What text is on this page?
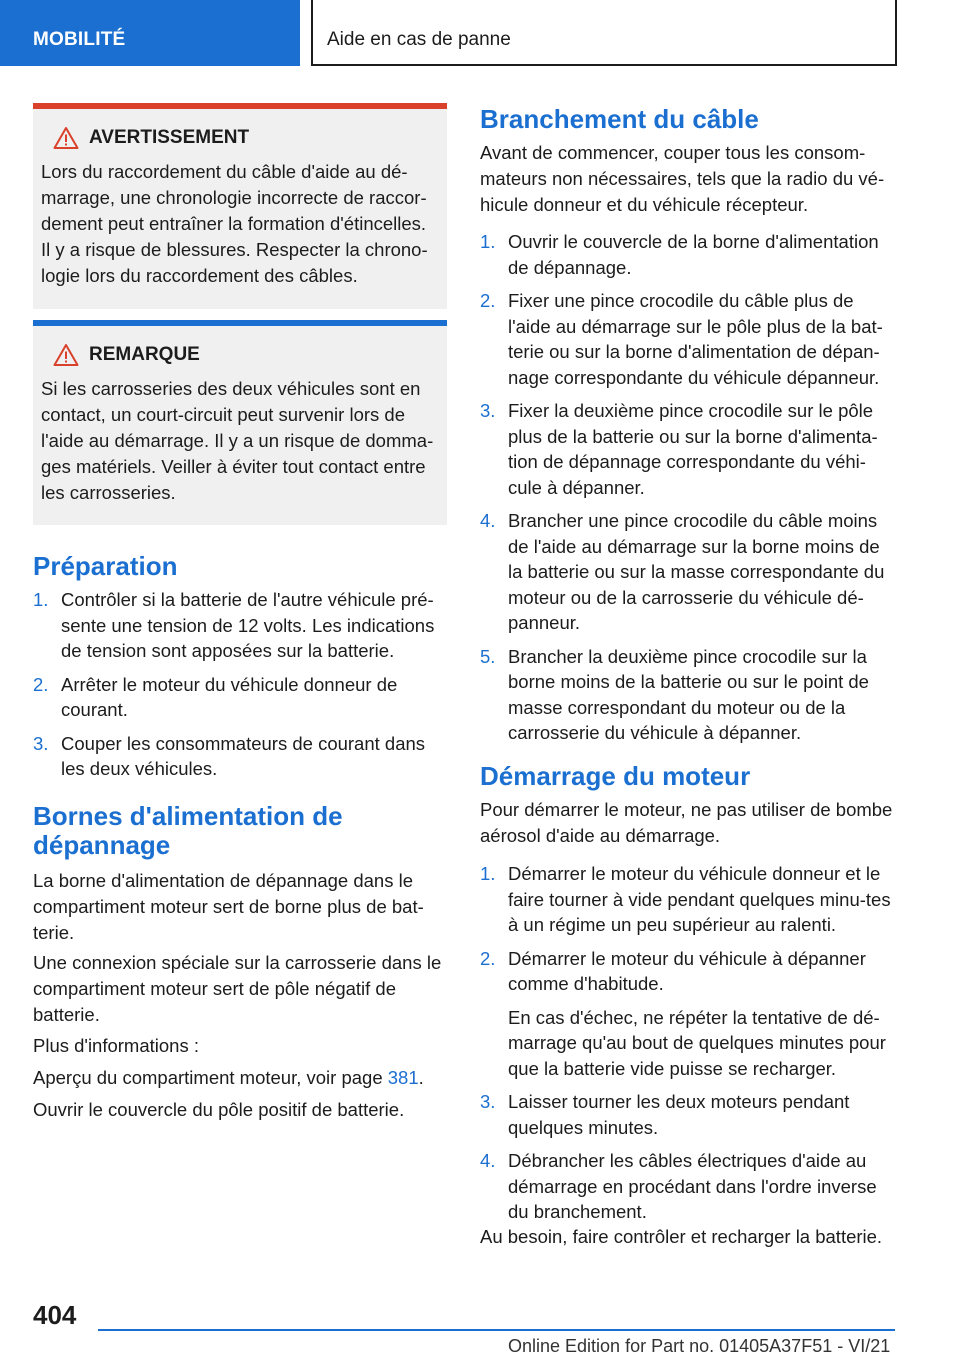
MOBILITÉ	Aide en cas de panne
AVERTISSEMENT
Lors du raccordement du câble d'aide au dé-marrage, une chronologie incorrecte de raccor-dement peut entraîner la formation d'étincelles. Il y a risque de blessures. Respecter la chrono-logie lors du raccordement des câbles.
REMARQUE
Si les carrosseries des deux véhicules sont en contact, un court-circuit peut survenir lors de l'aide au démarrage. Il y a un risque de domma-ges matériels. Veiller à éviter tout contact entre les carrosseries.
Préparation
1. Contrôler si la batterie de l'autre véhicule pré-sente une tension de 12 volts. Les indications de tension sont apposées sur la batterie.
2. Arrêter le moteur du véhicule donneur de courant.
3. Couper les consommateurs de courant dans les deux véhicules.
Bornes d'alimentation de dépannage

La borne d'alimentation de dépannage dans le compartiment moteur sert de borne plus de bat-terie.

Une connexion spéciale sur la carrosserie dans le compartiment moteur sert de pôle négatif de batterie.

Plus d'informations :

Aperçu du compartiment moteur, voir page 381.

Ouvrir le couvercle du pôle positif de batterie.

Branchement du câble

Avant de commencer, couper tous les consom-mateurs non nécessaires, tels que la radio du vé-hicule donneur et du véhicule récepteur.

1. Ouvrir le couvercle de la borne d'alimentation de dépannage.
2. Fixer une pince crocodile du câble plus de l'aide au démarrage sur le pôle plus de la bat-terie ou sur la borne d'alimentation de dépan-nage correspondante du véhicule dépanneur.
3. Fixer la deuxième pince crocodile sur le pôle plus de la batterie ou sur la borne d'alimenta-tion de dépannage correspondante du véhi-cule à dépanner.
4. Brancher une pince crocodile du câble moins de l'aide au démarrage sur la borne moins de la batterie ou sur la masse correspondante du moteur ou de la carrosserie du véhicule dé-panneur.
5. Brancher la deuxième pince crocodile sur la borne moins de la batterie ou sur le point de masse correspondant du moteur ou de la carrosserie du véhicule à dépanner.
Démarrage du moteur

Pour démarrer le moteur, ne pas utiliser de bombe aérosol d'aide au démarrage.

1. Démarrer le moteur du véhicule donneur et le faire tourner à vide pendant quelques minu-tes à un régime un peu supérieur au ralenti.
2. Démarrer le moteur du véhicule à dépanner comme d'habitude.
En cas d'échec, ne répéter la tentative de dé-marrage qu'au bout de quelques minutes pour que la batterie vide puisse se recharger.
3. Laisser tourner les deux moteurs pendant quelques minutes.
4. Débrancher les câbles électriques d'aide au démarrage en procédant dans l'ordre inverse du branchement.

Au besoin, faire contrôler et recharger la batterie.

404
Online Edition for Part no. 01405A37F51 - VI/21
